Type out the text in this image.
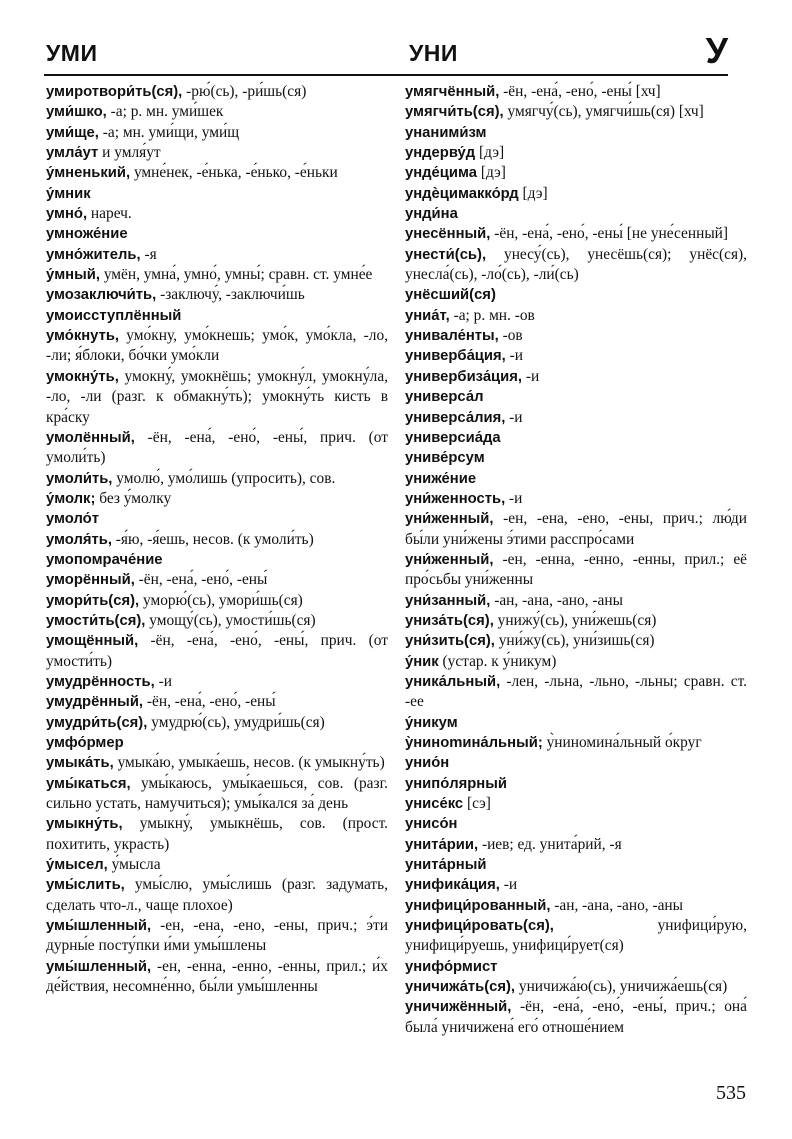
УМИ	УНИ	У

умиротвори́ть(ся), -рю́(сь), -ри́шь(ся)

уми́шко, -а; р. мн. уми́шек

уми́ще, -а; мн. уми́щи, уми́щ

умла́ут и умля́ут

у́мненький, умне́нек, -е́нька, -е́нько, -е́ньки

у́мник

умно́, нареч.

умноже́ние

умно́житель, -я

у́мный, умён, умна́, умно́, умны́; сравн. ст. умне́е

умозаключи́ть, -заключу́, -заключи́шь

умоисступлённый

умо́кнуть, умо́кну, умо́кнешь; умо́к, умо́кла, -ло, -ли; я́блоки, бо́чки умо́кли

умокну́ть, умокну́, умокнёшь; умокну́л, умокну́ла, -ло, -ли (разг. к обмакну́ть); умокну́ть кисть в кра́ску

умолённый, -ён, -ена́, -ено́, -ены́, прич. (от умоли́ть)

умоли́ть, умолю́, умо́лишь (упросить), сов.

у́молк; без у́молку

умоло́т

умоля́ть, -я́ю, -я́ешь, несов. (к умоли́ть)

умопомраче́ние

уморённый, -ён, -ена́, -ено́, -ены́

умори́ть(ся), уморю́(сь), умори́шь(ся)

умости́ть(ся), умощу́(сь), умости́шь(ся)

умощённый, -ён, -ена́, -ено́, -ены́, прич. (от умости́ть)

умудрённость, -и

умудрённый, -ён, -ена́, -ено́, -ены́

умудри́ть(ся), умудрю́(сь), умудри́шь(ся)

умфо́рмер

умыка́ть, умыка́ю, умыка́ешь, несов. (к умыкну́ть)

умы́каться, умы́каюсь, умы́каешься, сов. (разг. сильно устать, намучиться); умы́кался за́ день

умыкну́ть, умыкну́, умыкнёшь, сов. (прост. похитить, украсть)

у́мысел, у́мысла

умы́слить, умы́слю, умы́слишь (разг. задумать, сделать что-л., чаще плохое)

умы́шленный, -ен, -ена, -ено, -ены, прич.; э́ти дурны́е посту́пки и́ми умы́шлены

умы́шленный, -ен, -енна, -енно, -енны, прил.; и́х де́йствия, несомне́нно, бы́ли умы́шленны

умягчённый, -ён, -ена́, -ено́, -ены́ [хч]

умягчи́ть(ся), умягчу́(сь), умягчи́шь(ся) [хч]

унаними́зм

ундерву́д [дэ]

унде́цима [дэ]

ундѐцимакко́рд [дэ]

унди́на

унесённый, -ён, -ена́, -ено́, -ены́ [не уне́сенный]

унести́(сь), унесу́(сь), унесёшь(ся); унёс(ся), унесла́(сь), -ло́(сь), -ли́(сь)

унёсший(ся)

униа́т, -а; р. мн. -ов

унивале́нты, -ов

универба́ция, -и

универбиза́ция, -и

универса́л

универса́лия, -и

универсиа́да

униве́рсум

униже́ние

уни́женность, -и

уни́женный, -ен, -ена, -ено, -ены, прич.; лю́ди бы́ли уни́жены э́тими расспро́сами

уни́женный, -ен, -енна, -енно, -енны, прил.; её про́сьбы уни́женны

уни́занный, -ан, -ана, -ано, -аны

униза́ть(ся), унижу́(сь), уни́жешь(ся)

уни́зить(ся), уни́жу(сь), уни́зишь(ся)

у́ник (устар. к у́никум)

уника́льный, -лен, -льна, -льно, -льны; сравн. ст. -ее

у́никум

у̀нинomина́льный; у̀ниномина́льный о́круг

унио́н

унипо́лярный

унисе́кс [сэ]

унисо́н

унита́рии, -иев; ед. унита́рий, -я

унита́рный

унифика́ция, -и

унифици́рованный, -ан, -ана, -ано, -аны

унифици́ровать(ся), унифици́рую, унифици́руешь, унифици́рует(ся)

унифо́рмист

уничижа́ть(ся), уничижа́ю(сь), уничижа́ешь(ся)

уничижённый, -ён, -ена́, -ено́, -ены́, прич.; она́ была́ уничижена́ его́ отноше́нием

535
